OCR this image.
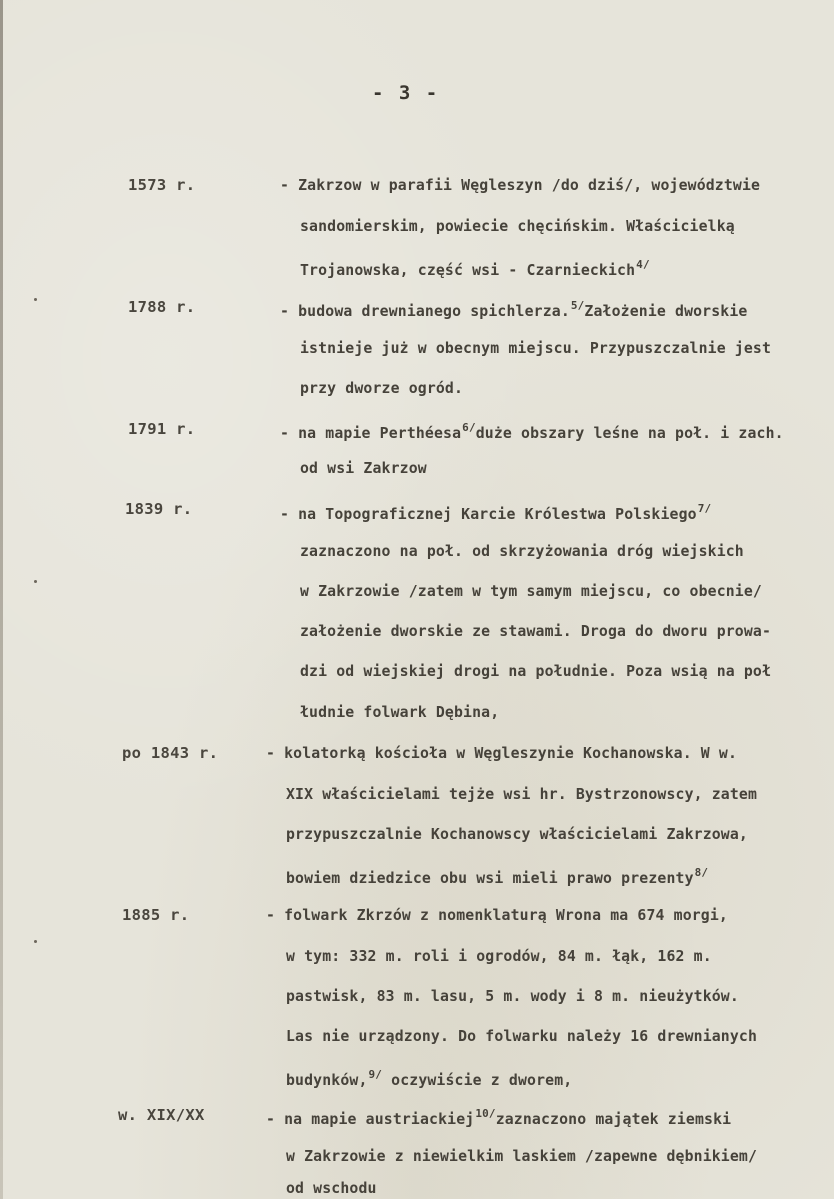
- 3 -
1573 r.	- Zakrzow w parafii Węgleszyn /do dziś/, województwie
sandomierskim, powiecie chęcińskim. Właścicielką
Trojanowska, część wsi - Czarnieckich$^{4/}$
1788 r.	- budowa drewnianego spichlerza.$^{5/}$Założenie dworskie
istnieje już w obecnym miejscu. Przypuszczalnie jest
przy dworze ogród.
1791 r.	- na mapie Perthéesa$^{6/}$duże obszary leśne na poł. i zach.
od wsi Zakrzow
1839 r.	- na Topograficznej Karcie Królestwa Polskiego$^{7/}$
zaznaczono na poł. od skrzyżowania dróg wiejskich
w Zakrzowie /zatem w tym samym miejscu, co obecnie/
założenie dworskie ze stawami. Droga do dworu prowa-
dzi od wiejskiej drogi na południe. Poza wsią na poł
łudnie folwark Dębina,
po 1843 r.	- kolatorką kościoła w Węgleszynie Kochanowska. W w.
XIX właścicielami tejże wsi hr. Bystrzonowscy, zatem
przypuszczalnie Kochanowscy właścicielami Zakrzowa,
bowiem dziedzice obu wsi mieli prawo prezenty$^{8/}$
1885 r.	- folwark Zkrzów z nomenklaturą Wrona ma 674 morgi,
w tym: 332 m. roli i ogrodów, 84 m. łąk, 162 m.
pastwisk, 83 m. lasu, 5 m. wody i 8 m. nieużytków.
Las nie urządzony. Do folwarku należy 16 drewnianych
budynków,$^{9/}$ oczywiście z dworem,
w. XIX/XX	- na mapie austriackiej$^{10/}$zaznaczono majątek ziemski
w Zakrzowie z niewielkim laskiem /zapewne dębnikiem/
od wschodu
